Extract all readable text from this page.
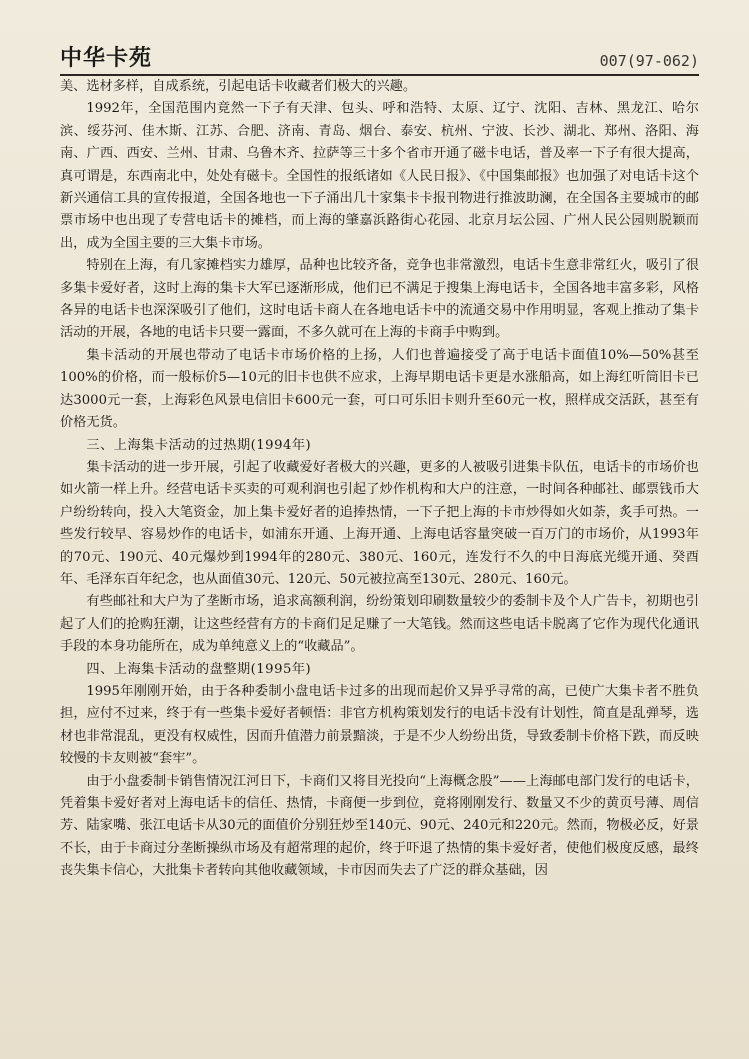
中华卡苑	007(97-062)

美、选材多样，自成系统，引起电话卡收藏者们极大的兴趣。

1992年，全国范围内竟然一下子有天津、包头、呼和浩特、太原、辽宁、沈阳、吉林、黑龙江、哈尔滨、绥芬河、佳木斯、江苏、合肥、济南、青岛、烟台、泰安、杭州、宁波、长沙、湖北、郑州、洛阳、海南、广西、西安、兰州、甘肃、乌鲁木齐、拉萨等三十多个省市开通了磁卡电话，普及率一下子有很大提高，真可谓是，东西南北中，处处有磁卡。全国性的报纸诸如《人民日报》、《中国集邮报》也加强了对电话卡这个新兴通信工具的宣传报道，全国各地也一下子涌出几十家集卡卡报刊物进行推波助澜，在全国各主要城市的邮票市场中也出现了专营电话卡的摊档，而上海的肇嘉浜路街心花园、北京月坛公园、广州人民公园则脱颖而出，成为全国主要的三大集卡市场。

特别在上海，有几家摊档实力雄厚，品种也比较齐备，竞争也非常激烈，电话卡生意非常红火，吸引了很多集卡爱好者，这时上海的集卡大军已逐渐形成，他们已不满足于搜集上海电话卡，全国各地丰富多彩，风格各异的电话卡也深深吸引了他们，这时电话卡商人在各地电话卡中的流通交易中作用明显，客观上推动了集卡活动的开展，各地的电话卡只要一露面，不多久就可在上海的卡商手中购到。

集卡活动的开展也带动了电话卡市场价格的上扬，人们也普遍接受了高于电话卡面值10%—50%甚至100%的价格，而一般标价5—10元的旧卡也供不应求，上海早期电话卡更是水涨船高，如上海红听筒旧卡已达3000元一套，上海彩色风景电信旧卡600元一套，可口可乐旧卡则升至60元一枚，照样成交活跃，甚至有价格无货。

三、上海集卡活动的过热期(1994年)

集卡活动的进一步开展，引起了收藏爱好者极大的兴趣，更多的人被吸引进集卡队伍，电话卡的市场价也如火箭一样上升。经营电话卡买卖的可观利润也引起了炒作机构和大户的注意，一时间各种邮社、邮票钱币大户纷纷转向，投入大笔资金，加上集卡爱好者的追捧热情，一下子把上海的卡市炒得如火如荼，炙手可热。一些发行较早、容易炒作的电话卡，如浦东开通、上海开通、上海电话容量突破一百万门的市场价，从1993年的70元、190元、40元爆炒到1994年的280元、380元、160元，连发行不久的中日海底光缆开通、癸酉年、毛泽东百年纪念，也从面值30元、120元、50元被拉高至130元、280元、160元。

有些邮社和大户为了垄断市场，追求高额利润，纷纷策划印刷数量较少的委制卡及个人广告卡，初期也引起了人们的抢购狂潮，让这些经营有方的卡商们足足赚了一大笔钱。然而这些电话卡脱离了它作为现代化通讯手段的本身功能所在，成为单纯意义上的“收藏品”。

四、上海集卡活动的盘整期(1995年)

1995年刚刚开始，由于各种委制小盘电话卡过多的出现而起价又异乎寻常的高，已使广大集卡者不胜负担，应付不过来，终于有一些集卡爱好者顿悟：非官方机构策划发行的电话卡没有计划性，简直是乱弹琴，选材也非常混乱，更没有权威性，因而升值潜力前景黯淡，于是不少人纷纷出货，导致委制卡价格下跌，而反映较慢的卡友则被“套牢”。

由于小盘委制卡销售情况江河日下，卡商们又将目光投向“上海概念股”——上海邮电部门发行的电话卡，凭着集卡爱好者对上海电话卡的信任、热情，卡商便一步到位，竟将刚刚发行、数量又不少的黄页号薄、周信芳、陆家嘴、张江电话卡从30元的面值价分别狂炒至140元、90元、240元和220元。然而，物极必反，好景不长，由于卡商过分垄断操纵市场及有超常理的起价，终于吓退了热情的集卡爱好者，使他们极度反感，最终丧失集卡信心，大批集卡者转向其他收藏领域，卡市因而失去了广泛的群众基础，因
